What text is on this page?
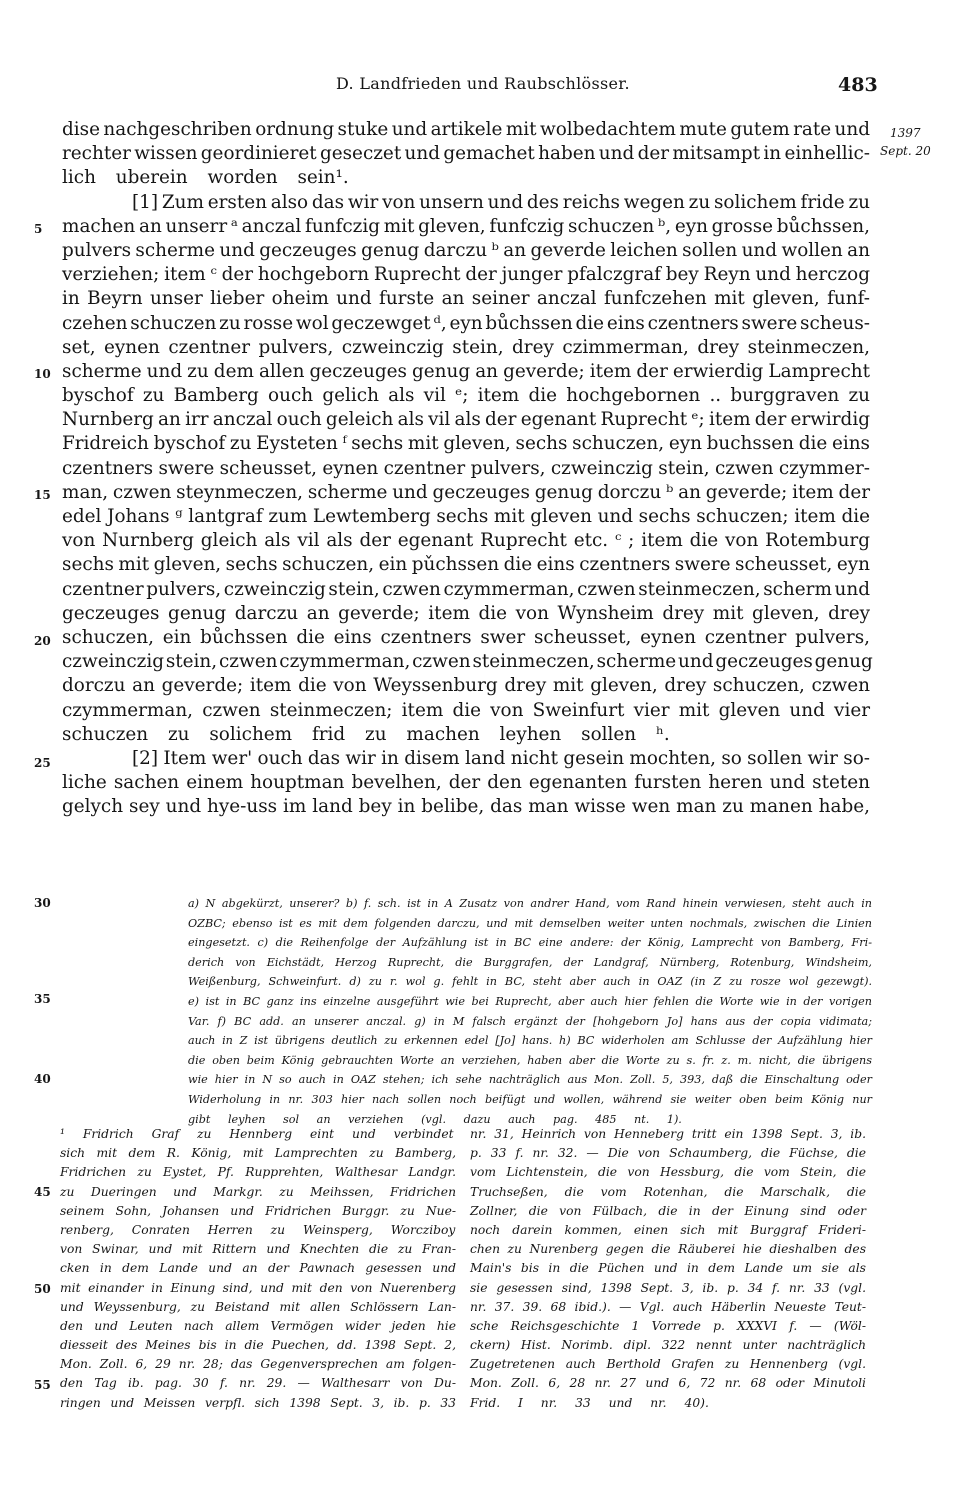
D. Landfrieden und Raubschlösser.	483
1397
Sept. 20
5
10
15
20
25
dise nachgeschriben ordnung stuke und artikele mit wolbedachtem mute gutem rate und
rechter wissen geordinieret geseczet und gemachet haben und der mitsampt in einhellic-
lich uberein worden sein¹.
[1] Zum ersten also das wir von unsern und des reichs wegen zu solichem fride zu
machen an unserr ᵃ anczal funfczig mit gleven, funfczig schuczen ᵇ, eyn grosse bůchssen,
pulvers scherme und geczeuges genug darczu ᵇ an geverde leichen sollen und wollen an
verziehen; item ᶜ der hochgeborn Ruprecht der junger pfalczgraf bey Reyn und herczog
in Beyrn unser lieber oheim und furste an seiner anczal funfczehen mit gleven, funf-
czehen schuczen zu rosse wol geczewget ᵈ, eyn bůchssen die eins czentners swere scheus-
set, eynen czentner pulvers, czweinczig stein, drey czimmerman, drey steinmeczen,
scherme und zu dem allen geczeuges genug an geverde; item der erwierdig Lamprecht
byschof zu Bamberg ouch gelich als vil ᵉ; item die hochgebornen .. burggraven zu
Nurnberg an irr anczal ouch geleich als vil als der egenant Ruprecht ᵉ; item der erwirdig
Fridreich byschof zu Eysteten ᶠ sechs mit gleven, sechs schuczen, eyn buchssen die eins
czentners swere scheusset, eynen czentner pulvers, czweinczig stein, czwen czymmer-
man, czwen steynmeczen, scherme und geczeuges genug dorczu ᵇ an geverde; item der
edel Johans ᵍ lantgraf zum Lewtemberg sechs mit gleven und sechs schuczen; item die
von Nurnberg gleich als vil als der egenant Ruprecht etc. ᶜ ; item die von Rotemburg
sechs mit gleven, sechs schuczen, ein pǔchssen die eins czentners swere scheusset, eyn
czentner pulvers, czweinczig stein, czwen czymmerman, czwen steinmeczen, scherm und
geczeuges genug darczu an geverde; item die von Wynsheim drey mit gleven, drey
schuczen, ein bůchssen die eins czentners swer scheusset, eynen czentner pulvers,
czweinczig stein, czwen czymmerman, czwen steinmeczen, scherme und geczeuges genug
dorczu an geverde; item die von Weyssenburg drey mit gleven, drey schuczen, czwen
czymmerman, czwen steinmeczen; item die von Sweinfurt vier mit gleven und vier
schuczen zu solichem frid zu machen leyhen sollen ʰ.
[2] Item wer' ouch das wir in disem land nicht gesein mochten, so sollen wir so-
liche sachen einem houptman bevelhen, der den egenanten fursten heren und steten
gelych sey und hye-uss im land bey in belibe, das man wisse wen man zu manen habe,
30
35
40
a) N abgekürzt, unserer? b) f. sch. ist in A Zusatz von andrer Hand, vom Rand hinein verwiesen, steht auch in
OZBC; ebenso ist es mit dem folgenden darczu, und mit demselben weiter unten nochmals, zwischen die Linien
eingesetzt. c) die Reihenfolge der Aufzählung ist in BC eine andere: der König, Lamprecht von Bamberg, Fri-
derich von Eichstädt, Herzog Ruprecht, die Burggrafen, der Landgraf, Nürnberg, Rotenburg, Windsheim,
Weißenburg, Schweinfurt. d) zu r. wol g. fehlt in BC, steht aber auch in OAZ (in Z zu rosze wol gezewgt).
e) ist in BC ganz ins einzelne ausgeführt wie bei Ruprecht, aber auch hier fehlen die Worte wie in der vorigen
Var. f) BC add. an unserer anczal. g) in M falsch ergänzt der [hohgeborn Jo] hans aus der copia vidimata;
auch in Z ist übrigens deutlich zu erkennen edel [Jo] hans. h) BC widerholen am Schlusse der Aufzählung hier
die oben beim König gebrauchten Worte an verziehen, haben aber die Worte zu s. fr. z. m. nicht, die übrigens
wie hier in N so auch in OAZ stehen; ich sehe nachträglich aus Mon. Zoll. 5, 393, daß die Einschaltung oder
Widerholung in nr. 303 hier nach sollen noch beifügt und wollen, während sie weiter oben beim König nur
gibt leyhen sol an verziehen (vgl. dazu auch pag. 485 nt. 1).
45
50
55
¹ Fridrich Graf zu Hennberg eint und verbindet
sich mit dem R. König, mit Lamprechten zu Bamberg,
Fridrichen zu Eystet, Pf. Rupprehten, Walthesar Landgr.
zu Dueringen und Markgr. zu Meihssen, Fridrichen
seinem Sohn, Johansen und Fridrichen Burggr. zu Nue-
renberg, Conraten Herren zu Weinsperg, Worcziboy
von Swinar, und mit Rittern und Knechten die zu Fran-
cken in dem Lande und an der Pawnach gesessen und
mit einander in Einung sind, und mit den von Nuerenberg
und Weyssenburg, zu Beistand mit allen Schlössern Lan-
den und Leuten nach allem Vermögen wider jeden hie
diesseit des Meines bis in die Puechen, dd. 1398 Sept. 2,
Mon. Zoll. 6, 29 nr. 28; das Gegenversprechen am folgen-
den Tag ib. pag. 30 f. nr. 29. — Walthesarr von Du-
ringen und Meissen verpfl. sich 1398 Sept. 3, ib. p. 33
nr. 31, Heinrich von Henneberg tritt ein 1398 Sept. 3, ib.
p. 33 f. nr. 32. — Die von Schaumberg, die Füchse, die
vom Lichtenstein, die von Hessburg, die vom Stein, die
Truchseßen, die vom Rotenhan, die Marschalk, die
Zollner, die von Fülbach, die in der Einung sind oder
noch darein kommen, einen sich mit Burggraf Frideri-
chen zu Nurenberg gegen die Räuberei hie dieshalben des
Main's bis in die Püchen und in dem Lande um sie als
sie gesessen sind, 1398 Sept. 3, ib. p. 34 f. nr. 33 (vgl.
nr. 37. 39. 68 ibid.). — Vgl. auch Häberlin Neueste Teut-
sche Reichsgeschichte 1 Vorrede p. XXXVI f. — (Wöl-
ckern) Hist. Norimb. dipl. 322 nennt unter nachträglich
Zugetretenen auch Berthold Grafen zu Hennenberg (vgl.
Mon. Zoll. 6, 28 nr. 27 und 6, 72 nr. 68 oder Minutoli
Frid. I nr. 33 und nr. 40).
